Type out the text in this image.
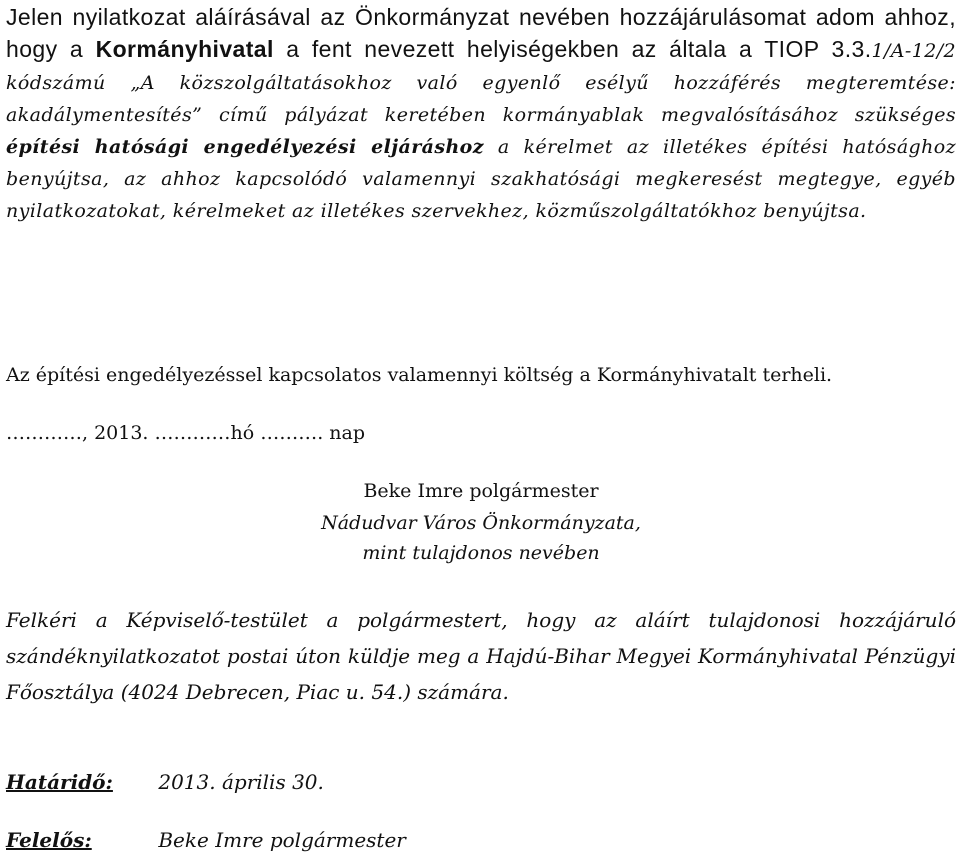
Jelen nyilatkozat aláírásával az Önkormányzat nevében hozzájárulásomat adom ahhoz, hogy a Kormányhivatal a fent nevezett helyiségekben az általa a TIOP 3.3.1/A-12/2 kódszámú „A közszolgáltatásokhoz való egyenlő esélyű hozzáférés megteremtése: akadálymentesítés” című pályázat keretében kormányablak megvalósításához szükséges építési hatósági engedélyezési eljáráshoz a kérelmet az illetékes építési hatósághoz benyújtsa, az ahhoz kapcsolódó valamennyi szakhatósági megkeresést megtegye, egyéb nyilatkozatokat, kérelmeket az illetékes szervekhez, közműszolgáltatókhoz benyújtsa.

Az építési engedélyezéssel kapcsolatos valamennyi költség a Kormányhivatalt terheli.

…………, 2013. …………hó ………. nap
Beke Imre polgármester
Nádudvar Város Önkormányzata,
mint tulajdonos nevében

Felkéri a Képviselő-testület a polgármestert, hogy az aláírt tulajdonosi hozzájáruló szándéknyilatkozatot postai úton küldje meg a Hajdú-Bihar Megyei Kormányhivatal Pénzügyi Főosztálya (4024 Debrecen, Piac u. 54.) számára.

Határidő: 2013. április 30.
Felelős:	Beke Imre polgármester
